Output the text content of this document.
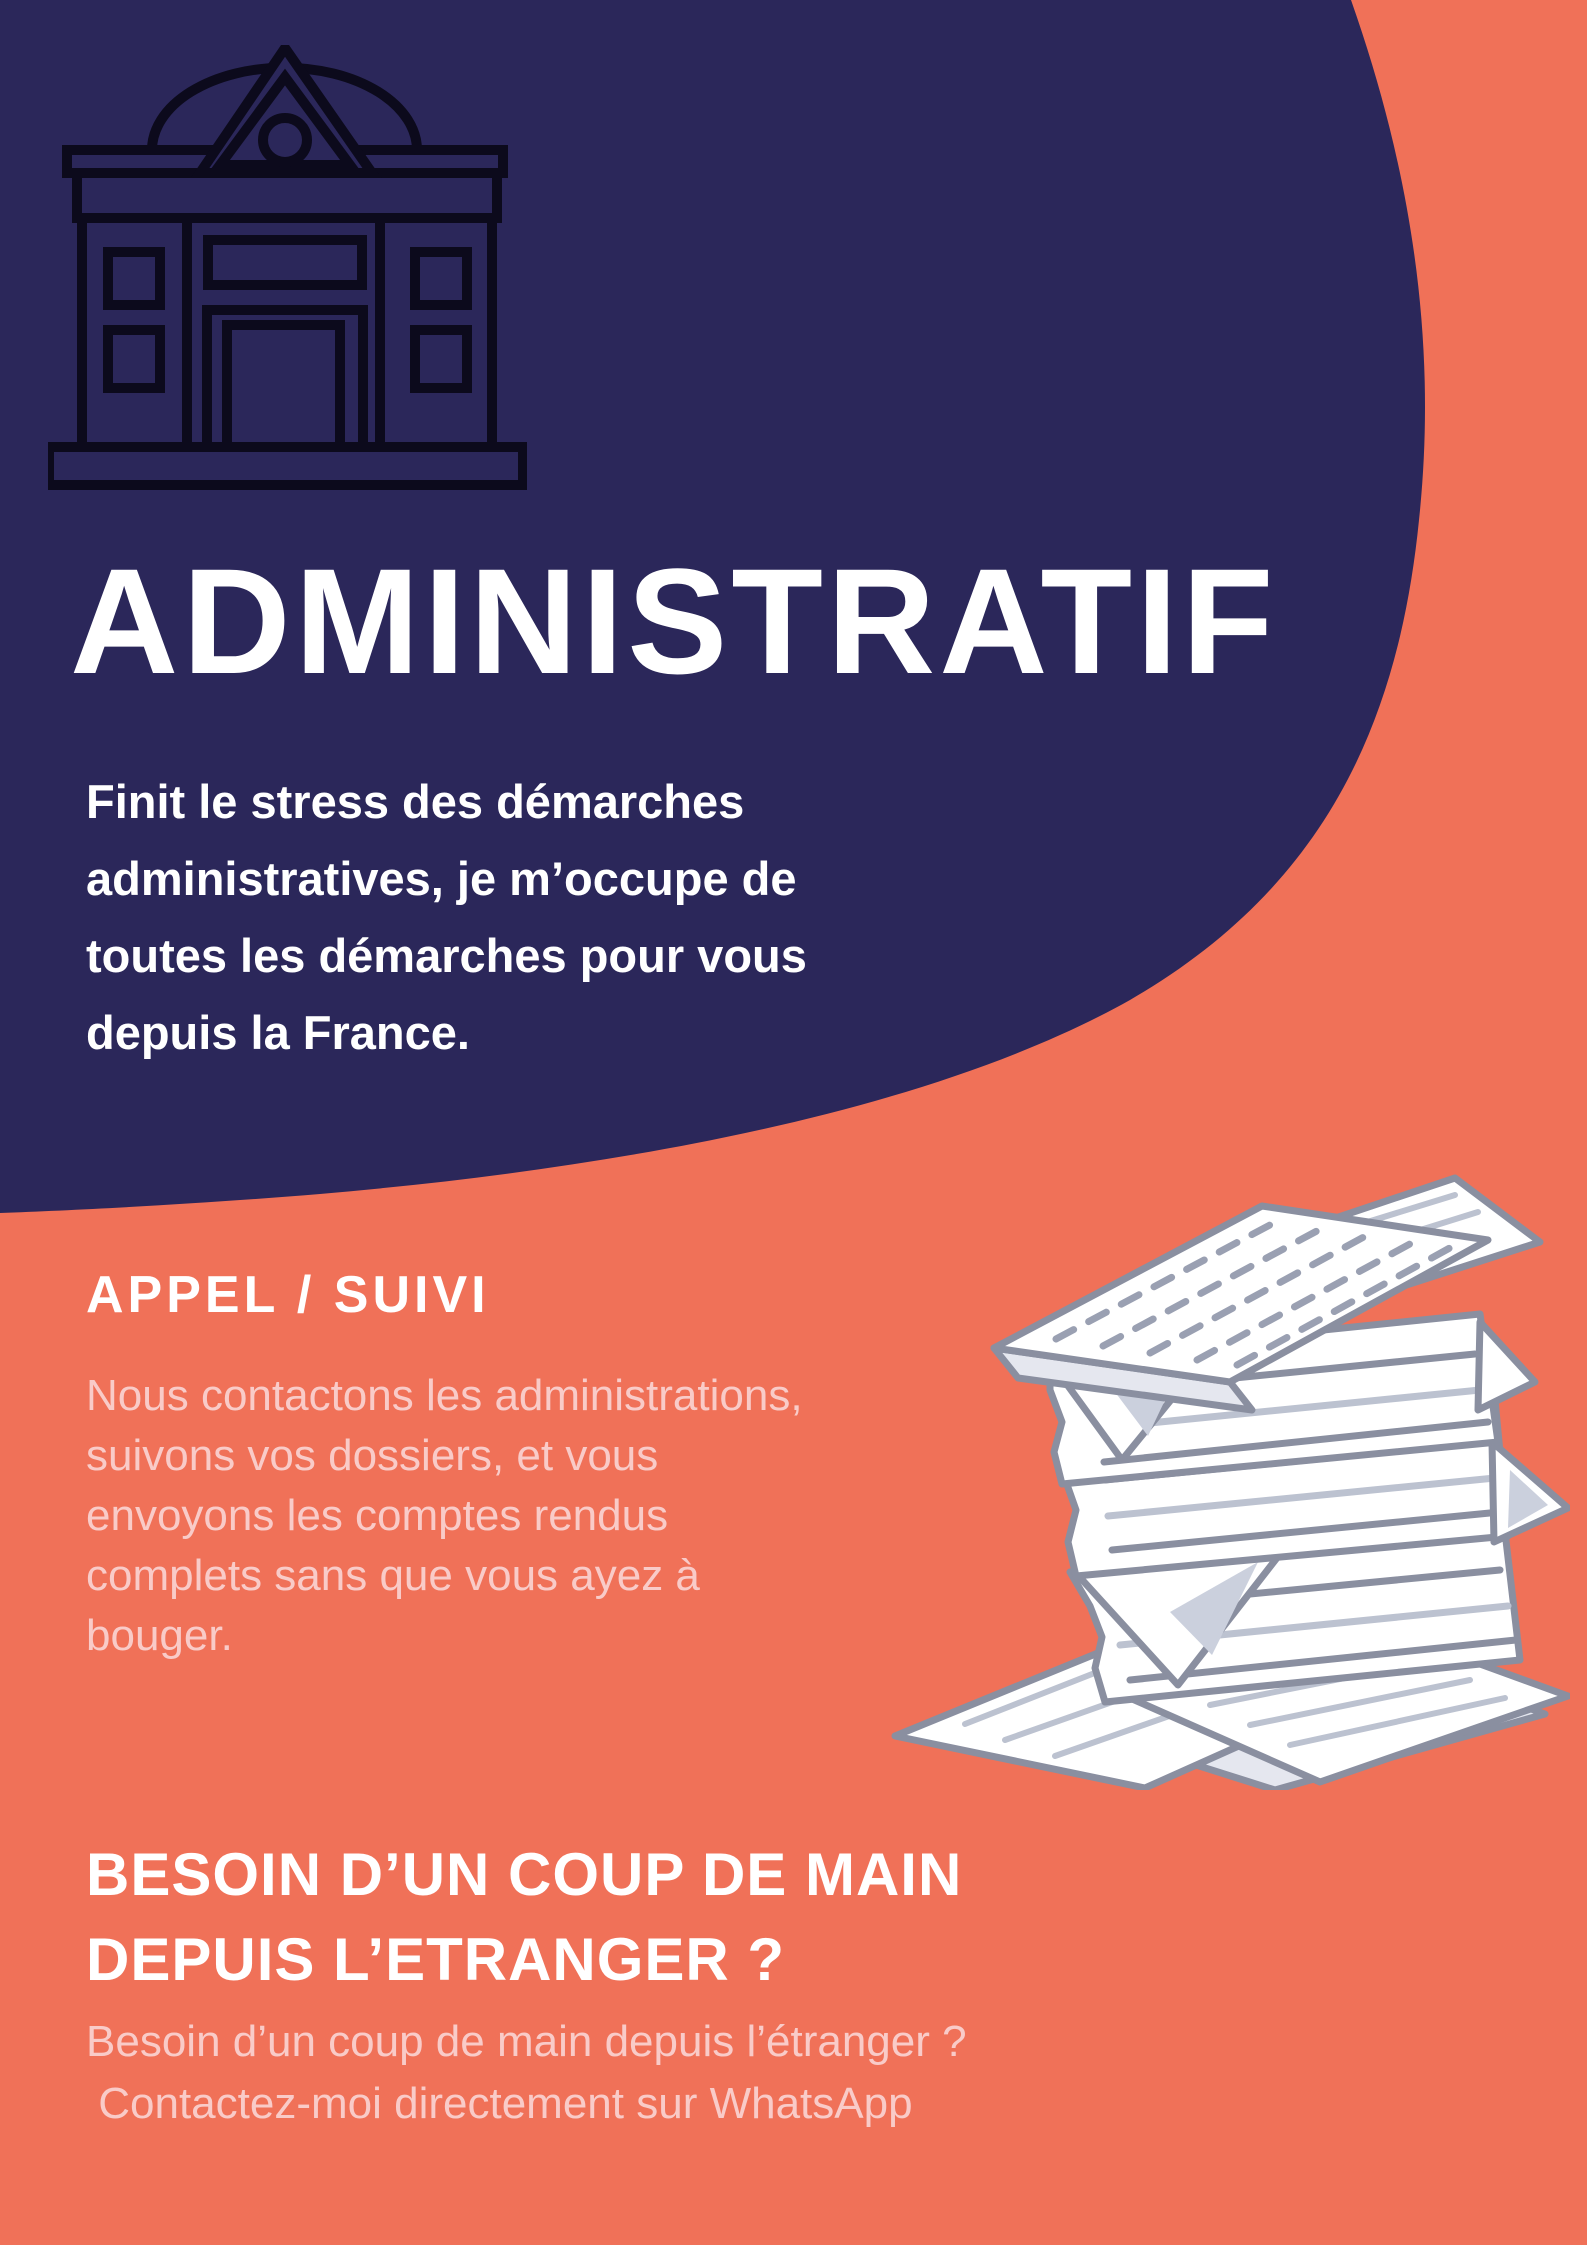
ADMINISTRATIF
Finit le stress des démarches
administratives, je m’occupe de
toutes les démarches pour vous
depuis la France.
APPEL / SUIVI
Nous contactons les administrations,
suivons vos dossiers, et vous
envoyons les comptes rendus
complets sans que vous ayez à
bouger.
BESOIN D’UN COUP DE MAIN
DEPUIS L’ETRANGER ?
Besoin d’un coup de main depuis l’étranger ?
Contactez-moi directement sur WhatsApp
